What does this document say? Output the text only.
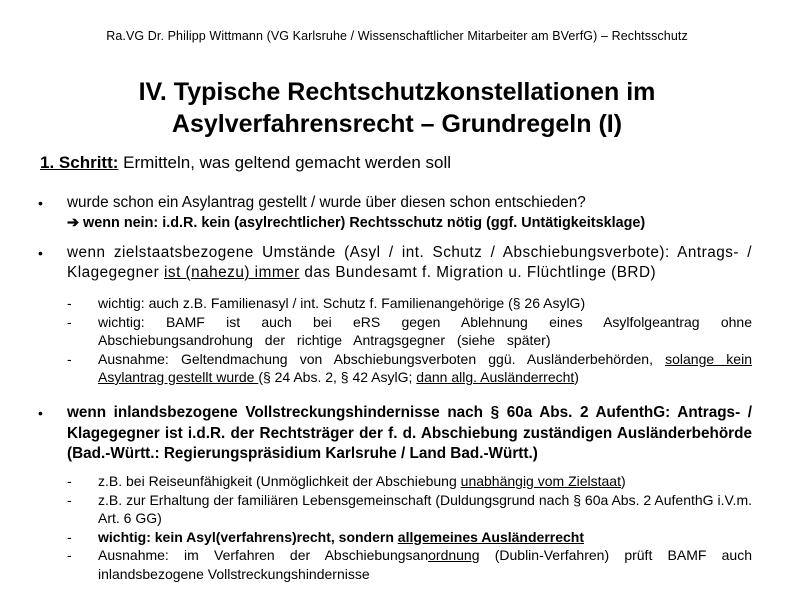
Ra.VG Dr. Philipp Wittmann (VG Karlsruhe / Wissenschaftlicher Mitarbeiter am BVerfG) – Rechtsschutz
IV. Typische Rechtschutzkonstellationen im
Asylverfahrensrecht – Grundregeln (I)
1. Schritt: Ermitteln, was geltend gemacht werden soll
• wurde schon ein Asylantrag gestellt / wurde über diesen schon entschieden?
➔ wenn nein: i.d.R. kein (asylrechtlicher) Rechtsschutz nötig (ggf. Untätigkeitsklage)
• wenn zielstaatsbezogene Umstände (Asyl / int. Schutz / Abschiebungsverbote): Antrags- / Klagegegner ist (nahezu) immer das Bundesamt f. Migration u. Flüchtlinge (BRD)
- wichtig: auch z.B. Familienasyl / int. Schutz f. Familienangehörige (§ 26 AsylG)
- wichtig: BAMF ist auch bei eRS gegen Ablehnung eines Asylfolgeantrag ohne Abschiebungsandrohung der richtige Antragsgegner (siehe später)
- Ausnahme: Geltendmachung von Abschiebungsverboten ggü. Ausländerbehörden, solange kein Asylantrag gestellt wurde (§ 24 Abs. 2, § 42 AsylG; dann allg. Ausländerrecht)
• wenn inlandsbezogene Vollstreckungshindernisse nach § 60a Abs. 2 AufenthG: Antrags- / Klagegegner ist i.d.R. der Rechtsträger der f. d. Abschiebung zuständigen Ausländerbehörde (Bad.-Württ.: Regierungspräsidium Karlsruhe / Land Bad.-Württ.)
- z.B. bei Reiseunfähigkeit (Unmöglichkeit der Abschiebung unabhängig vom Zielstaat)
- z.B. zur Erhaltung der familiären Lebensgemeinschaft (Duldungsgrund nach § 60a Abs. 2 AufenthG i.V.m. Art. 6 GG)
- wichtig: kein Asyl(verfahrens)recht, sondern allgemeines Ausländerrecht
- Ausnahme: im Verfahren der Abschiebungsanordnung (Dublin-Verfahren) prüft BAMF auch inlandsbezogene Vollstreckungshindernisse
